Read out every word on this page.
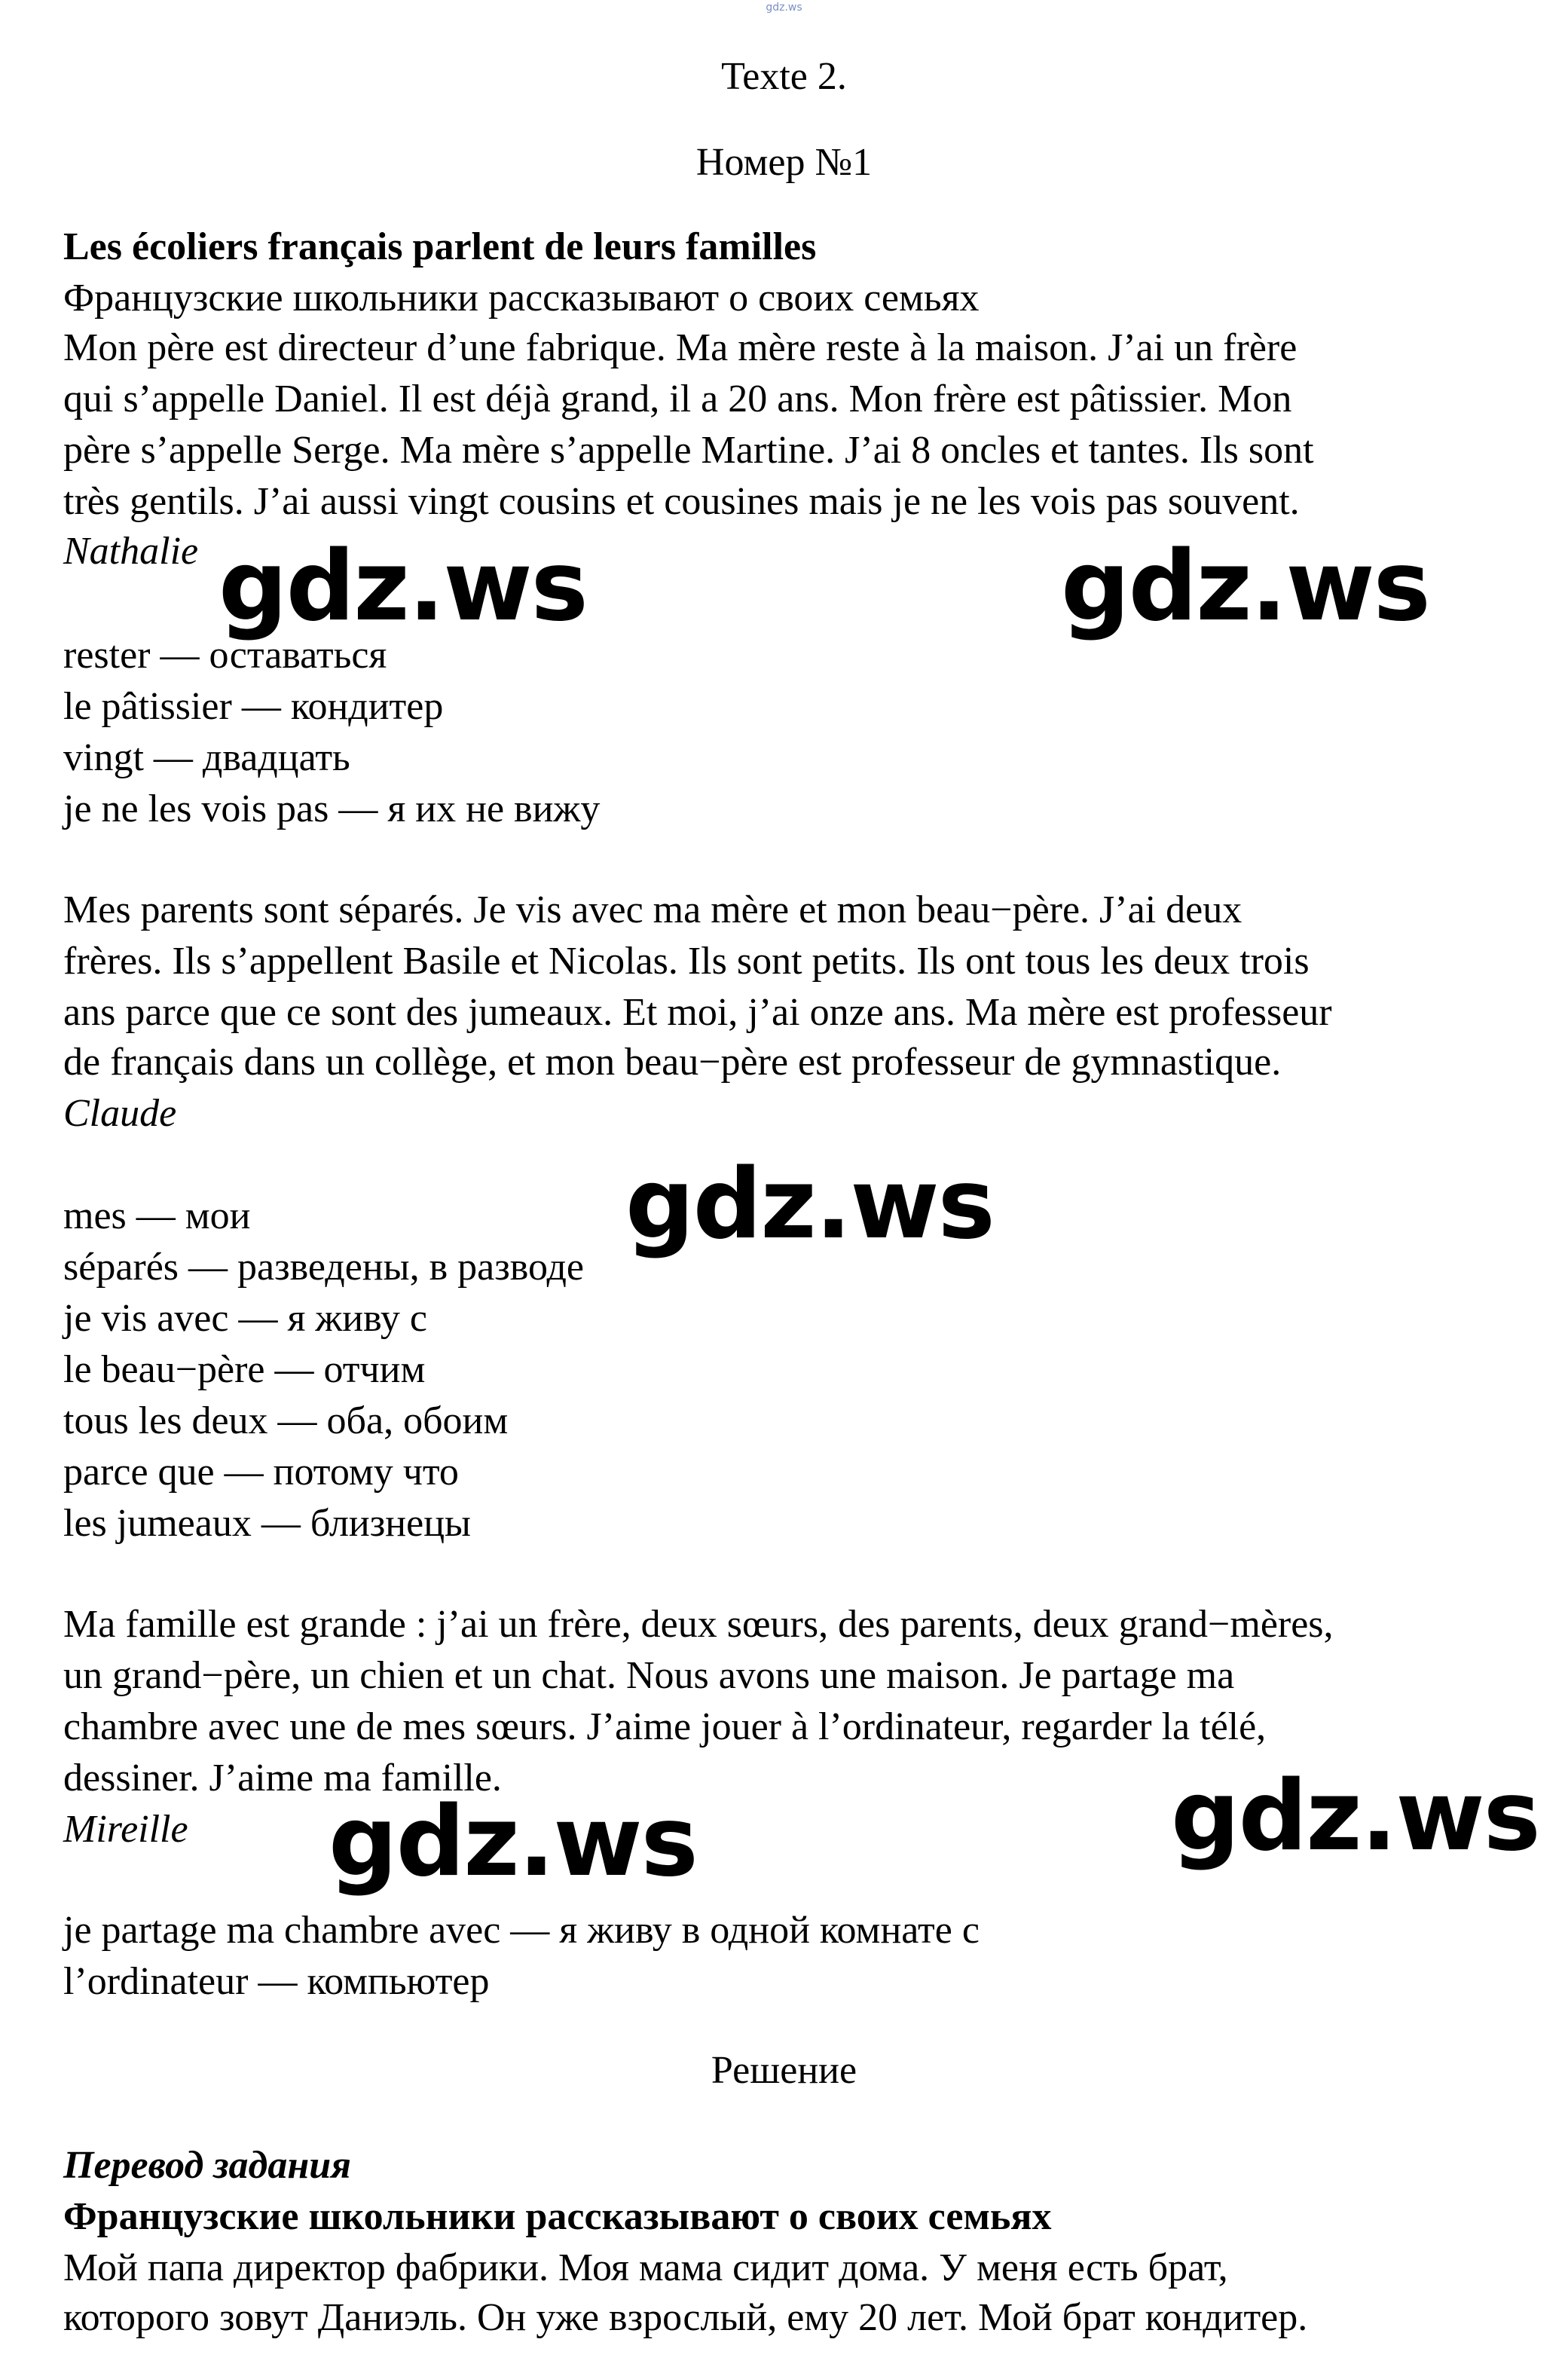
gdz.ws
Texte 2.
Номер №1
Les écoliers français parlent de leurs familles
Французские школьники рассказывают о своих семьях
Mon père est directeur d’une fabrique. Ma mère reste à la maison. J’ai un frère
qui s’appelle Daniel. Il est déjà grand, il a 20 ans. Mon frère est pâtissier. Mon
père s’appelle Serge. Ma mère s’appelle Martine. J’ai 8 oncles et tantes. Ils sont
très gentils. J’ai aussi vingt cousins et cousines mais je ne les vois pas souvent.
Nathalie
rester — оставаться
le pâtissier — кондитер
vingt — двадцать
je ne les vois pas — я их не вижу
Mes parents sont séparés. Je vis avec ma mère et mon beau−père. J’ai deux
frères. Ils s’appellent Basile et Nicolas. Ils sont petits. Ils ont tous les deux trois
ans parce que ce sont des jumeaux. Et moi, j’ai onze ans. Ma mère est professeur
de français dans un collège, et mon beau−père est professeur de gymnastique.
Claude
mes — мои
séparés — разведены, в разводе
je vis avec — я живу с
le beau−père — отчим
tous les deux — оба, обоим
parce que — потому что
les jumeaux — близнецы
Ma famille est grande : j’ai un frère, deux sœurs, des parents, deux grand−mères,
un grand−père, un chien et un chat. Nous avons une maison. Je partage ma
chambre avec une de mes sœurs. J’aime jouer à l’ordinateur, regarder la télé,
dessiner. J’aime ma famille.
Mireille
je partage ma chambre avec — я живу в одной комнате с
l’ordinateur — компьютер
Решение
Перевод задания
Французские школьники рассказывают о своих семьях
Мой папа директор фабрики. Моя мама сидит дома. У меня есть брат,
которого зовут Даниэль. Он уже взрослый, ему 20 лет. Мой брат кондитер.
gdz.ws	gdz.ws
gdz.ws
gdz.ws
gdz.ws
